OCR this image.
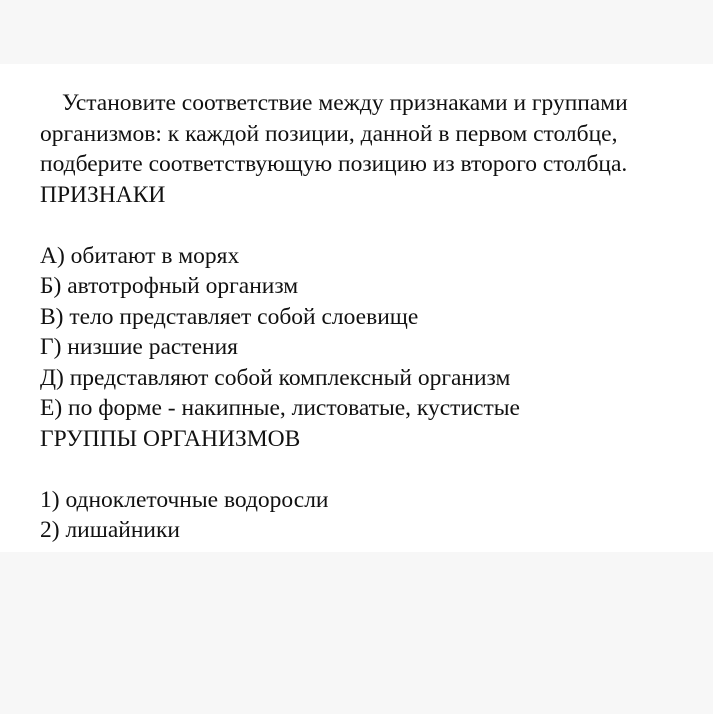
Установите соответствие между признаками и группами
организмов: к каждой позиции, данной в первом столбце,
подберите соответствующую позицию из второго столбца.
ПРИЗНАКИ
А) обитают в морях
Б) автотрофный организм
В) тело представляет собой слоевище
Г) низшие растения
Д) представляют собой комплексный организм
Е) по форме - накипные, листоватые, кустистые
ГРУППЫ ОРГАНИЗМОВ
1) одноклеточные водоросли
2) лишайники
